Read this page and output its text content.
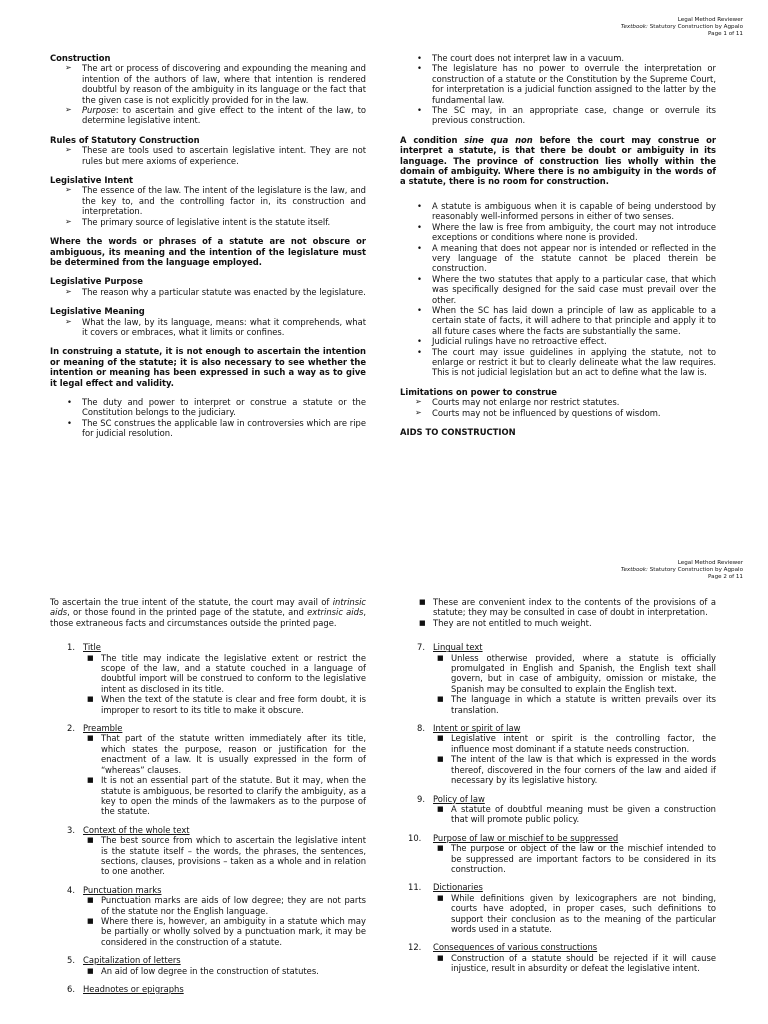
Legal Method Reviewer
Textbook: Statutory Construction by Agpalo
Page 1 of 11

Construction

➢ The art or process of discovering and expounding the meaning and intention of the authors of law, where that intention is rendered doubtful by reason of the ambiguity in its language or the fact that the given case is not explicitly provided for in the law.
➢ Purpose: to ascertain and give effect to the intent of the law, to determine legislative intent.

Rules of Statutory Construction

➢ These are tools used to ascertain legislative intent. They are not rules but mere axioms of experience.

Legislative Intent

➢ The essence of the law. The intent of the legislature is the law, and the key to, and the controlling factor in, its construction and interpretation.
➢ The primary source of legislative intent is the statute itself.

Where the words or phrases of a statute are not obscure or ambiguous, its meaning and the intention of the legislature must be determined from the language employed.

Legislative Purpose

➢ The reason why a particular statute was enacted by the legislature.

Legislative Meaning

➢ What the law, by its language, means: what it comprehends, what it covers or embraces, what it limits or confines.

In construing a statute, it is not enough to ascertain the intention or meaning of the statute; it is also necessary to see whether the intention or meaning has been expressed in such a way as to give it legal effect and validity.

• The duty and power to interpret or construe a statute or the Constitution belongs to the judiciary.
• The SC construes the applicable law in controversies which are ripe for judicial resolution.
• The court does not interpret law in a vacuum.
• The legislature has no power to overrule the interpretation or construction of a statute or the Constitution by the Supreme Court, for interpretation is a judicial function assigned to the latter by the fundamental law.
• The SC may, in an appropriate case, change or overrule its previous construction.

A condition sine qua non before the court may construe or interpret a statute, is that there be doubt or ambiguity in its language. The province of construction lies wholly within the domain of ambiguity. Where there is no ambiguity in the words of a statute, there is no room for construction.

• A statute is ambiguous when it is capable of being understood by reasonably well-informed persons in either of two senses.
• Where the law is free from ambiguity, the court may not introduce exceptions or conditions where none is provided.
• A meaning that does not appear nor is intended or reflected in the very language of the statute cannot be placed therein be construction.
• Where the two statutes that apply to a particular case, that which was specifically designed for the said case must prevail over the other.
• When the SC has laid down a principle of law as applicable to a certain state of facts, it will adhere to that principle and apply it to all future cases where the facts are substantially the same.
• Judicial rulings have no retroactive effect.
• The court may issue guidelines in applying the statute, not to enlarge or restrict it but to clearly delineate what the law requires. This is not judicial legislation but an act to define what the law is.

Limitations on power to construe

➢ Courts may not enlarge nor restrict statutes.
➢ Courts may not be influenced by questions of wisdom.

AIDS TO CONSTRUCTION

Legal Method Reviewer
Textbook: Statutory Construction by Agpalo
Page 2 of 11

To ascertain the true intent of the statute, the court may avail of intrinsic aids, or those found in the printed page of the statute, and extrinsic aids, those extraneous facts and circumstances outside the printed page.

1. Title
■ The title may indicate the legislative extent or restrict the scope of the law, and a statute couched in a language of doubtful import will be construed to conform to the legislative intent as disclosed in its title.
■ When the text of the statute is clear and free form doubt, it is improper to resort to its title to make it obscure.
2. Preamble
■ That part of the statute written immediately after its title, which states the purpose, reason or justification for the enactment of a law. It is usually expressed in the form of “whereas” clauses.
■ It is not an essential part of the statute. But it may, when the statute is ambiguous, be resorted to clarify the ambiguity, as a key to open the minds of the lawmakers as to the purpose of the statute.
3. Context of the whole text
■ The best source from which to ascertain the legislative intent is the statute itself – the words, the phrases, the sentences, sections, clauses, provisions – taken as a whole and in relation to one another.
4. Punctuation marks
■ Punctuation marks are aids of low degree; they are not parts of the statute nor the English language.
■ Where there is, however, an ambiguity in a statute which may be partially or wholly solved by a punctuation mark, it may be considered in the construction of a statute.
5. Capitalization of letters
■ An aid of low degree in the construction of statutes.
6. Headnotes or epigraphs
■ These are convenient index to the contents of the provisions of a statute; they may be consulted in case of doubt in interpretation.
■ They are not entitled to much weight.
7. Lingual text
■ Unless otherwise provided, where a statute is officially promulgated in English and Spanish, the English text shall govern, but in case of ambiguity, omission or mistake, the Spanish may be consulted to explain the English text.
■ The language in which a statute is written prevails over its translation.
8. Intent or spirit of law
■ Legislative intent or spirit is the controlling factor, the influence most dominant if a statute needs construction.
■ The intent of the law is that which is expressed in the words thereof, discovered in the four corners of the law and aided if necessary by its legislative history.
9. Policy of law
■ A statute of doubtful meaning must be given a construction that will promote public policy.
10. Purpose of law or mischief to be suppressed
■ The purpose or object of the law or the mischief intended to be suppressed are important factors to be considered in its construction.
11. Dictionaries
■ While definitions given by lexicographers are not binding, courts have adopted, in proper cases, such definitions to support their conclusion as to the meaning of the particular words used in a statute.
12. Consequences of various constructions
■ Construction of a statute should be rejected if it will cause injustice, result in absurdity or defeat the legislative intent.
